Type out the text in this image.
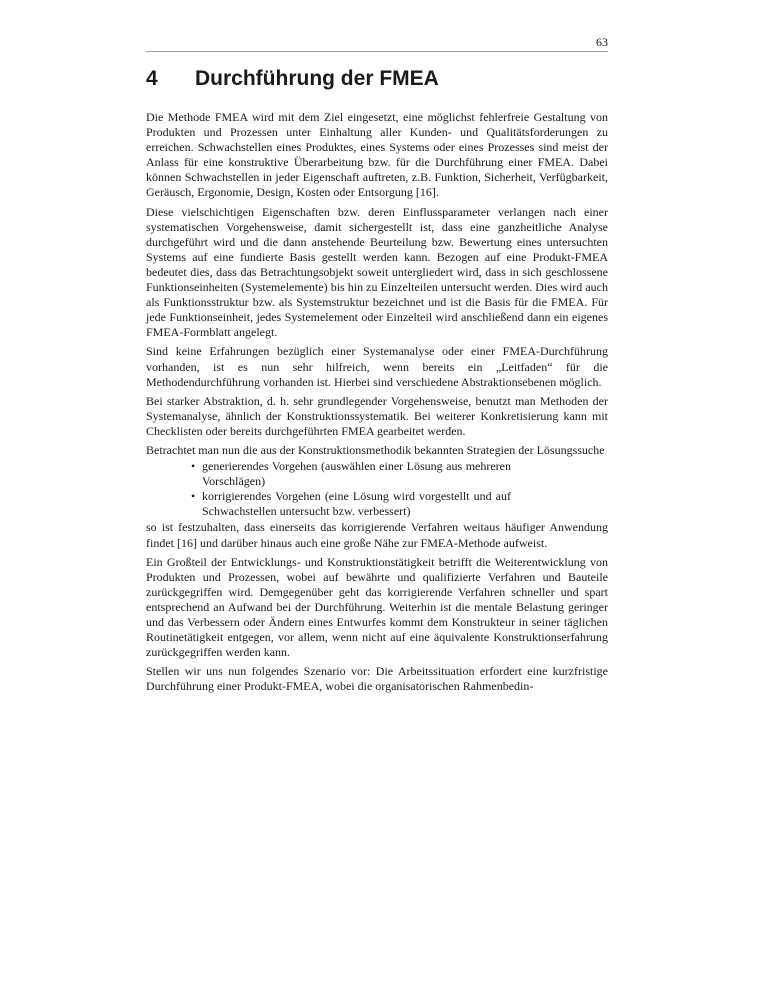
63
4 Durchführung der FMEA

Die Methode FMEA wird mit dem Ziel eingesetzt, eine möglichst fehlerfreie Gestaltung von Produkten und Prozessen unter Einhaltung aller Kunden- und Qualitätsforderungen zu erreichen. Schwachstellen eines Produktes, eines Systems oder eines Prozesses sind meist der Anlass für eine konstruktive Überarbeitung bzw. für die Durchführung einer FMEA. Dabei können Schwachstellen in jeder Eigenschaft auftreten, z.B. Funktion, Sicherheit, Verfügbarkeit, Geräusch, Ergonomie, Design, Kosten oder Entsorgung [16].

Diese vielschichtigen Eigenschaften bzw. deren Einflussparameter verlangen nach einer systematischen Vorgehensweise, damit sichergestellt ist, dass eine ganzheitliche Analyse durchgeführt wird und die dann anstehende Beurteilung bzw. Bewertung eines untersuchten Systems auf eine fundierte Basis gestellt werden kann. Bezogen auf eine Produkt-FMEA bedeutet dies, dass das Betrachtungsobjekt soweit untergliedert wird, dass in sich geschlossene Funktionseinheiten (Systemelemente) bis hin zu Einzelteilen untersucht werden. Dies wird auch als Funktionsstruktur bzw. als Systemstruktur bezeichnet und ist die Basis für die FMEA. Für jede Funktionseinheit, jedes Systemelement oder Einzelteil wird anschließend dann ein eigenes FMEA-Formblatt angelegt.

Sind keine Erfahrungen bezüglich einer Systemanalyse oder einer FMEA-Durchführung vorhanden, ist es nun sehr hilfreich, wenn bereits ein „Leitfaden“ für die Methodendurchführung vorhanden ist. Hierbei sind verschiedene Abstraktionsebenen möglich.

Bei starker Abstraktion, d. h. sehr grundlegender Vorgehensweise, benutzt man Methoden der Systemanalyse, ähnlich der Konstruktionssystematik. Bei weiterer Konkretisierung kann mit Checklisten oder bereits durchgeführten FMEA gearbeitet werden.

Betrachtet man nun die aus der Konstruktionsmethodik bekannten Strategien der Lösungssuche

• generierendes Vorgehen (auswählen einer Lösung aus mehreren Vorschlägen)
• korrigierendes Vorgehen (eine Lösung wird vorgestellt und auf Schwachstellen untersucht bzw. verbessert)

so ist festzuhalten, dass einerseits das korrigierende Verfahren weitaus häufiger Anwendung findet [16] und darüber hinaus auch eine große Nähe zur FMEA-Methode aufweist.

Ein Großteil der Entwicklungs- und Konstruktionstätigkeit betrifft die Weiterentwicklung von Produkten und Prozessen, wobei auf bewährte und qualifizierte Verfahren und Bauteile zurückgegriffen wird. Demgegenüber geht das korrigierende Verfahren schneller und spart entsprechend an Aufwand bei der Durchführung. Weiterhin ist die mentale Belastung geringer und das Verbessern oder Ändern eines Entwurfes kommt dem Konstrukteur in seiner täglichen Routinetätigkeit entgegen, vor allem, wenn nicht auf eine äquivalente Konstruktionserfahrung zurückgegriffen werden kann.

Stellen wir uns nun folgendes Szenario vor: Die Arbeitssituation erfordert eine kurzfristige Durchführung einer Produkt-FMEA, wobei die organisatorischen Rahmenbedin-
